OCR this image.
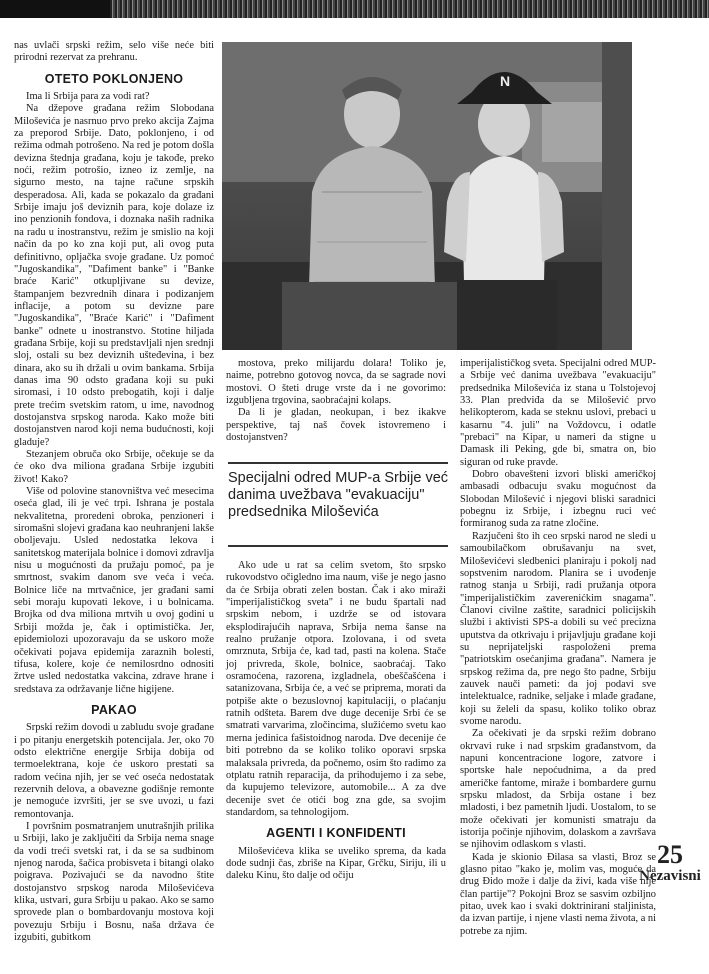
nas uvlači srpski režim, selo više neće biti prirodni rezervat za prehranu.

OTETO POKLONJENO

Ima li Srbija para za vodi rat?

Na džepove građana režim Slobodana Miloševića je nasrnuo prvo preko akcija Zajma za preporod Srbije. Dato, poklonjeno, i od režima odmah potrošeno. Na red je potom došla devizna štednja građana, koju je takođe, preko noći, režim potrošio, izneo iz zemlje, na sigurno mesto, na tajne račune srpskih desperadosa. Ali, kada se pokazalo da građani Srbije imaju još deviznih para, koje dolaze iz ino penzionih fondova, i doznaka naših radnika na radu u inostranstvu, režim je smislio na koji način da po ko zna koji put, ali ovog puta definitivno, opljačka svoje građane. Uz pomoć "Jugoskandika", "Dafiment banke" i "Banke braće Karić" otkupljivane su devize, štampanjem bezvrednih dinara i podizanjem inflacije, a potom su devizne pare "Jugoskandika", "Braće Karić" i "Dafiment banke" odnete u inostranstvo. Stotine hiljada građana Srbije, koji su predstavljali njen srednji sloj, ostali su bez deviznih ušteđevina, i bez dinara, ako su ih držali u ovim bankama. Srbija danas ima 90 odsto građana koji su puki siromasi, i 10 odsto prebogatih, koji i dalje prete trećim svetskim ratom, u ime, navodnog dostojanstva srpskog naroda. Kako može biti dostojanstven narod koji nema budućnosti, koji gladuje?

Stezanjem obruča oko Srbije, očekuje se da će oko dva miliona građana Srbije izgubiti život! Kako?

Više od polovine stanovništva već mesecima oseća glad, ili je već trpi. Ishrana je postala nekvalitetna, proredeni obroka, penzioneri i siromašni slojevi građana kao neuhranjeni lakše oboljevaju. Usled nedostatka lekova i sanitetskog materijala bolnice i domovi zdravlja nisu u mogućnosti da pružaju pomoć, pa je smrtnost, svakim danom sve veća i veća. Bolnice liče na mrtvačnice, jer građani sami sebi moraju kupovati lekove, i u bolnicama. Brojka od dva miliona mrtvih u ovoj godini u Srbiji možda je, čak i optimistička. Jer, epidemiolozi upozoravaju da se uskoro može očekivati pojava epidemija zaraznih bolesti, tifusa, kolere, koje će nemilosrdno odnositi žrtve usled nedostatka vakcina, zdrave hrane i sredstava za održavanje lične higijene.

PAKAO

Srpski režim dovodi u zabludu svoje građane i po pitanju energetskih potencijala. Jer, oko 70 odsto električne energije Srbija dobija od termoelektrana, koje će uskoro prestati sa radom većina njih, jer se već oseća nedostatak rezervnih delova, a obavezne godišnje remonte je nemoguće izvršiti, jer se sve uvozi, u fazi remontovanja.

I površnim posmatranjem unutrašnjih prilika u Srbiji, lako je zaključiti da Srbija nema snage da vodi treći svetski rat, i da se sa sudbinom njenog naroda, šačica probisveta i bitangi olako poigrava. Pozivajući se da navodno štite dostojanstvo srpskog naroda Miloševićeva klika, ustvari, gura Srbiju u pakao. Ako se samo sprovede plan o bombardovanju mostova koji povezuju Srbiju i Bosnu, naša država će izgubiti, gubitkom

N

mostova, preko milijardu dolara! Toliko je, naime, potrebno gotovog novca, da se sagrade novi mostovi. O šteti druge vrste da i ne govorimo: izgubljena trgovina, saobraćajni kolaps.

Da li je gladan, neokupan, i bez ikakve perspektive, taj naš čovek istovremeno i dostojanstven?

Specijalni odred MUP-a Srbije već danima uvežbava "evakuaciju" predsednika Miloševića

Ako ude u rat sa celim svetom, što srpsko rukovodstvo očigledno ima naum, više je nego jasno da će Srbija obrati zelen bostan. Čak i ako miraži "imperijalističkog sveta" i ne budu špartali nad srpskim nebom, i uzdrže se od istovara eksplodirajućih naprava, Srbija nema šanse na realno pružanje otpora. Izolovana, i od sveta omrznuta, Srbija će, kad tad, pasti na kolena. Stače joj privreda, škole, bolnice, saobraćaj. Tako osramoćena, razorena, izgladnela, obeščašćena i satanizovana, Srbija će, a već se priprema, morati da potpiše akte o bezuslovnoj kapitulaciji, o plaćanju ratnih odšteta. Barem dve duge decenije Srbi će se smatrati varvarima, zločincima, služićemo svetu kao merna jedinica fašistoidnog naroda. Dve decenije će biti potrebno da se koliko toliko oporavi srpska malaksala privreda, da počnemo, osim što radimo za otplatu ratnih reparacija, da prihodujemo i za sebe, da kupujemo televizore, automobile... A za dve decenije svet će otići bog zna gde, sa svojim standardom, sa tehnologijom.

AGENTI I KONFIDENTI

Miloševićeva klika se uveliko sprema, da kada dode sudnji čas, zbriše na Kipar, Grčku, Siriju, ili u daleku Kinu, što dalje od očiju

imperijalističkog sveta. Specijalni odred MUP-a Srbije već danima uvežbava "evakuaciju" predsednika Miloševića iz stana u Tolstojevoj 33. Plan predviđa da se Milošević prvo helikopterom, kada se steknu uslovi, prebaci u kasarnu "4. juli" na Voždovcu, i odatle "prebaci" na Kipar, u nameri da stigne u Damask ili Peking, gde bi, smatra on, bio siguran od ruke pravde.

Dobro obavešteni izvori bliski američkoj ambasadi odbacuju svaku mogućnost da Slobodan Milošević i njegovi bliski saradnici pobegnu iz Srbije, i izbegnu ruci već formiranog suda za ratne zločine.

Razjučeni što ih ceo srpski narod ne sledi u samoubilačkom obrušavanju na svet, Miloševićevi sledbenici planiraju i pokolj nad sopstvenim narodom. Planira se i uvođenje ratnog stanja u Srbiji, radi pružanja otpora "imperijalističkim zaverenićkim snagama". Članovi civilne zaštite, saradnici policijskih službi i aktivisti SPS-a dobili su već precizna uputstva da otkrivaju i prijavljuju građane koji su neprijateljski raspoloženi prema "patriotskim osećanjima građana". Namera je srpskog režima da, pre nego što padne, Srbiju zauvek nauči pameti: da joj podavi sve intelektualce, radnike, seljake i mlađe građane, koji su želeli da spasu, koliko toliko obraz svome narodu.

Za očekivati je da srpski režim dobrano okrvavi ruke i nad srpskim građanstvom, da napuni koncentracione logore, zatvore i sportske hale nepoćudnima, a da pred američke fantome, miraže i bombardere gurnu srpsku mladost, da Srbija ostane i bez mladosti, i bez pametnih ljudi. Uostalom, to se može očekivati jer komunisti smatraju da istorija počinje njihovim, dolaskom a završava se njihovim odlaskom s vlasti.

Kada je skionio Đilasa sa vlasti, Broz se glasno pitao "kako je, molim vas, moguće da drug Đido može i dalje da živi, kada više nije član partije"? Pokojni Broz se sasvim ozbiljno pitao, uvek kao i svaki doktrinirani staljinista, da izvan partije, i njene vlasti nema života, a ni potrebe za njim.

25
Nezavisni
